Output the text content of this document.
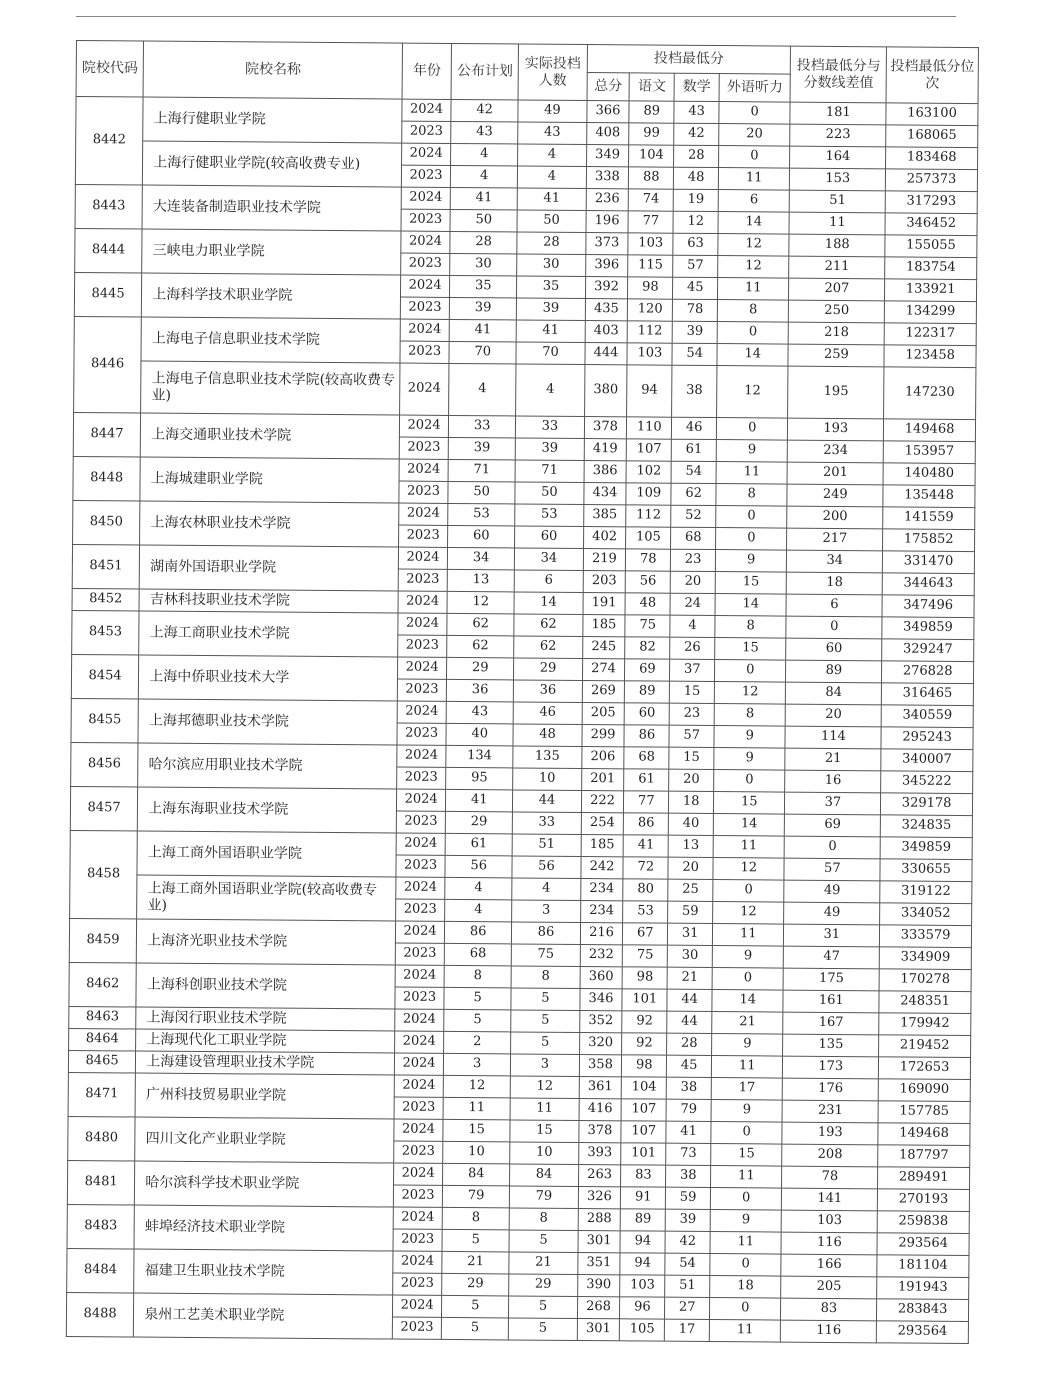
院校代码	院校名称	年份	公布计划	实际投档人数	投档最低分				投档最低分与分数线差值	投档最低分位次
					总分	语文	数学	外语听力		
8442	上海行健职业学院	2024	42	49	366	89	43	0	181	163100
		2023	43	43	408	99	42	20	223	168065
	上海行健职业学院(较高收费专业)	2024	4	4	349	104	28	0	164	183468
		2023	4	4	338	88	48	11	153	257373
8443	大连装备制造职业技术学院	2024	41	41	236	74	19	6	51	317293
		2023	50	50	196	77	12	14	11	346452
8444	三峡电力职业学院	2024	28	28	373	103	63	12	188	155055
		2023	30	30	396	115	57	12	211	183754
8445	上海科学技术职业学院	2024	35	35	392	98	45	11	207	133921
		2023	39	39	435	120	78	8	250	134299
8446	上海电子信息职业技术学院	2024	41	41	403	112	39	0	218	122317
		2023	70	70	444	103	54	14	259	123458
	上海电子信息职业技术学院(较高收费专业)	2024	4	4	380	94	38	12	195	147230
8447	上海交通职业技术学院	2024	33	33	378	110	46	0	193	149468
		2023	39	39	419	107	61	9	234	153957
8448	上海城建职业学院	2024	71	71	386	102	54	11	201	140480
		2023	50	50	434	109	62	8	249	135448
8450	上海农林职业技术学院	2024	53	53	385	112	52	0	200	141559
		2023	60	60	402	105	68	0	217	175852
8451	湖南外国语职业学院	2024	34	34	219	78	23	9	34	331470
		2023	13	6	203	56	20	15	18	344643
8452	吉林科技职业技术学院	2024	12	14	191	48	24	14	6	347496
8453	上海工商职业技术学院	2024	62	62	185	75	4	8	0	349859
		2023	62	62	245	82	26	15	60	329247
8454	上海中侨职业技术大学	2024	29	29	274	69	37	0	89	276828
		2023	36	36	269	89	15	12	84	316465
8455	上海邦德职业技术学院	2024	43	46	205	60	23	8	20	340559
		2023	40	48	299	86	57	9	114	295243
8456	哈尔滨应用职业技术学院	2024	134	135	206	68	15	9	21	340007
		2023	95	10	201	61	20	0	16	345222
8457	上海东海职业技术学院	2024	41	44	222	77	18	15	37	329178
		2023	29	33	254	86	40	14	69	324835
8458	上海工商外国语职业学院	2024	61	51	185	41	13	11	0	349859
		2023	56	56	242	72	20	12	57	330655
	上海工商外国语职业学院(较高收费专业)	2024	4	4	234	80	25	0	49	319122
		2023	4	3	234	53	59	12	49	334052
8459	上海济光职业技术学院	2024	86	86	216	67	31	11	31	333579
		2023	68	75	232	75	30	9	47	334909
8462	上海科创职业技术学院	2024	8	8	360	98	21	0	175	170278
		2023	5	5	346	101	44	14	161	248351
8463	上海闵行职业技术学院	2024	5	5	352	92	44	21	167	179942
8464	上海现代化工职业学院	2024	2	5	320	92	28	9	135	219452
8465	上海建设管理职业技术学院	2024	3	3	358	98	45	11	173	172653
8471	广州科技贸易职业学院	2024	12	12	361	104	38	17	176	169090
		2023	11	11	416	107	79	9	231	157785
8480	四川文化产业职业学院	2024	15	15	378	107	41	0	193	149468
		2023	10	10	393	101	73	15	208	187797
8481	哈尔滨科学技术职业学院	2024	84	84	263	83	38	11	78	289491
		2023	79	79	326	91	59	0	141	270193
8483	蚌埠经济技术职业学院	2024	8	8	288	89	39	9	103	259838
		2023	5	5	301	94	42	11	116	293564
8484	福建卫生职业技术学院	2024	21	21	351	94	54	0	166	181104
		2023	29	29	390	103	51	18	205	191943
8488	泉州工艺美术职业学院	2024	5	5	268	96	27	0	83	283843
		2023	5	5	301	105	17	11	116	293564
